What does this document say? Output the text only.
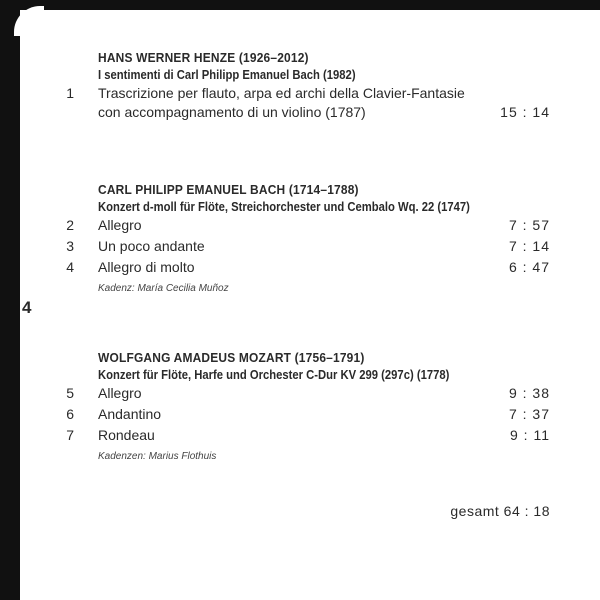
4
HANS WERNER HENZE (1926–2012)
I sentimenti di Carl Philipp Emanuel Bach (1982)
1 Trascrizione per flauto, arpa ed archi della Clavier-Fantasie con accompagnamento di un violino (1787)	15 : 14
CARL PHILIPP EMANUEL BACH (1714–1788)
Konzert d-moll für Flöte, Streichorchester und Cembalo Wq. 22 (1747)
2 Allegro	7 : 57
3 Un poco andante	7 : 14
4 Allegro di molto	6 : 47
Kadenz: María Cecilia Muñoz
WOLFGANG AMADEUS MOZART (1756–1791)
Konzert für Flöte, Harfe und Orchester C-Dur KV 299 (297c) (1778)
5 Allegro	9 : 38
6 Andantino	7 : 37
7 Rondeau	9 : 11
Kadenzen: Marius Flothuis
gesamt 64 : 18
